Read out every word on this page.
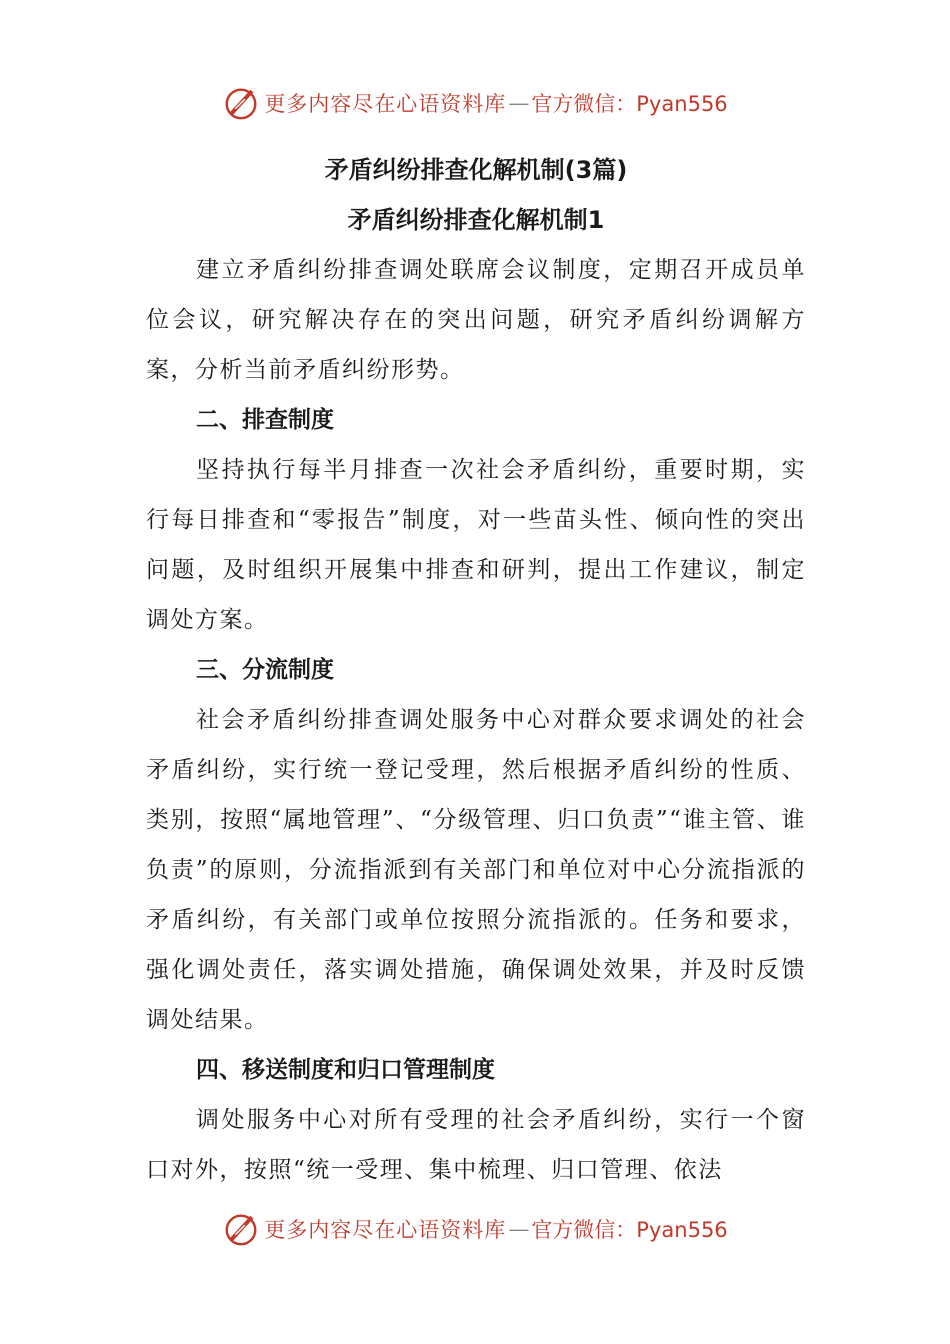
更多内容尽在心语资料库 — 官方微信：Pyan556
矛盾纠纷排查化解机制(3篇)
矛盾纠纷排查化解机制1
建立矛盾纠纷排查调处联席会议制度，定期召开成员单位会议，研究解决存在的突出问题，研究矛盾纠纷调解方案，分析当前矛盾纠纷形势。
二、排查制度
坚持执行每半月排查一次社会矛盾纠纷，重要时期，实行每日排查和“零报告”制度，对一些苗头性、倾向性的突出问题，及时组织开展集中排查和研判，提出工作建议，制定调处方案。
三、分流制度
社会矛盾纠纷排查调处服务中心对群众要求调处的社会矛盾纠纷，实行统一登记受理，然后根据矛盾纠纷的性质、类别，按照“属地管理”、“分级管理、归口负责”“谁主管、谁负责”的原则，分流指派到有关部门和单位对中心分流指派的矛盾纠纷，有关部门或单位按照分流指派的。任务和要求，强化调处责任，落实调处措施，确保调处效果，并及时反馈调处结果。
四、移送制度和归口管理制度
调处服务中心对所有受理的社会矛盾纠纷，实行一个窗口对外，按照“统一受理、集中梳理、归口管理、依法
更多内容尽在心语资料库 — 官方微信：Pyan556
